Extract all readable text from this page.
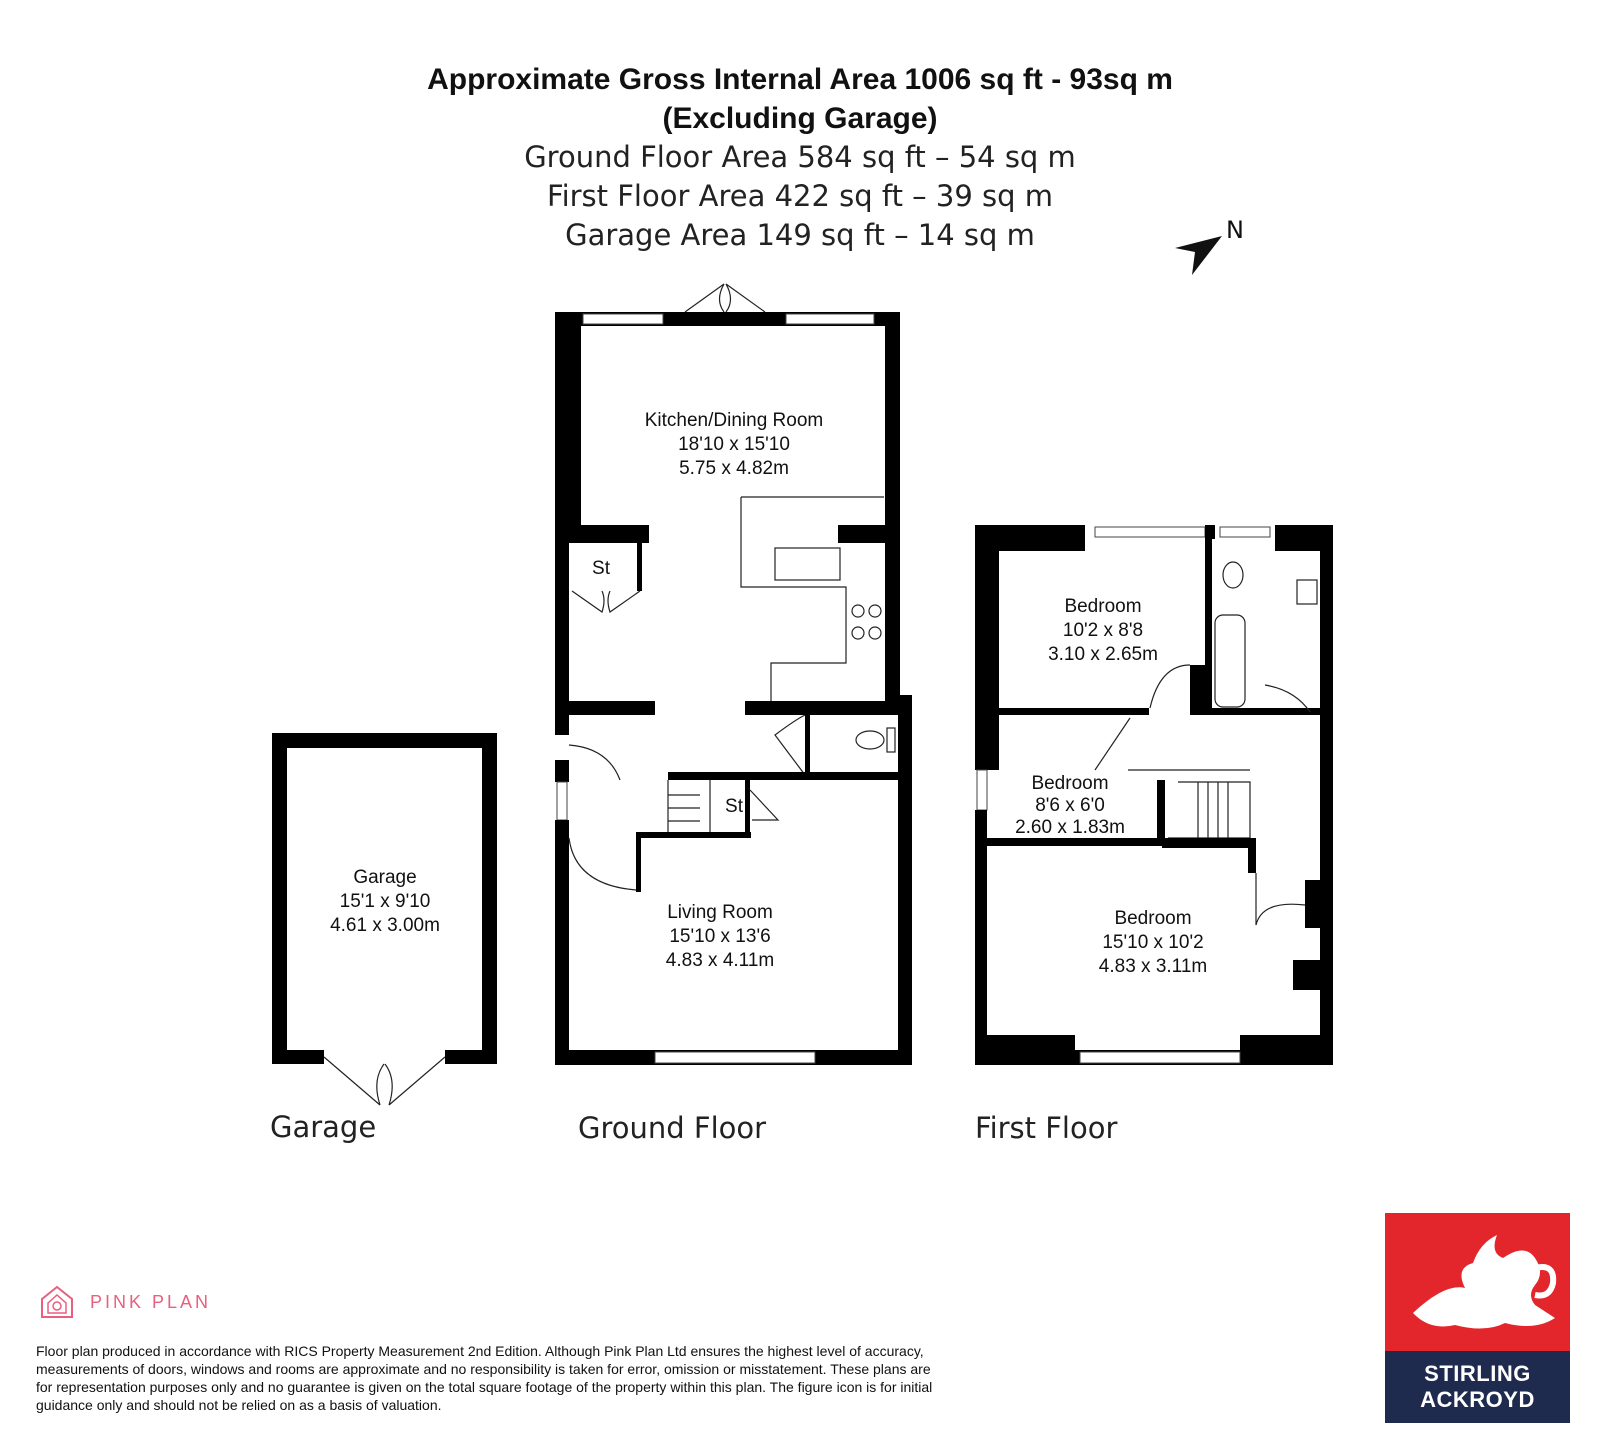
Approximate Gross Internal Area 1006 sq ft - 93sq m
(Excluding Garage)
Ground Floor Area 584 sq ft – 54 sq m
First Floor Area 422 sq ft – 39 sq m
Garage Area 149 sq ft – 14 sq m	N
Garage
15'1 x 9'10
4.61 x 3.00m
St
St
Kitchen/Dining Room
18'10 x 15'10
5.75 x 4.82m
Living Room
15'10 x 13'6
4.83 x 4.11m
Bedroom
10'2 x 8'8
3.10 x 2.65m
Bedroom
8'6 x 6'0
2.60 x 1.83m
Bedroom
15'10 x 10'2
4.83 x 3.11m
Garage	Ground Floor	First Floor
PINK PLAN
Floor plan produced in accordance with RICS Property Measurement 2nd Edition. Although Pink Plan Ltd ensures the highest level of accuracy, measurements of doors, windows and rooms are approximate and no responsibility is taken for error, omission or misstatement. These plans are for representation purposes only and no guarantee is given on the total square footage of the property within this plan. The figure icon is for initial guidance only and should not be relied on as a basis of valuation.
STIRLING
ACKROYD
